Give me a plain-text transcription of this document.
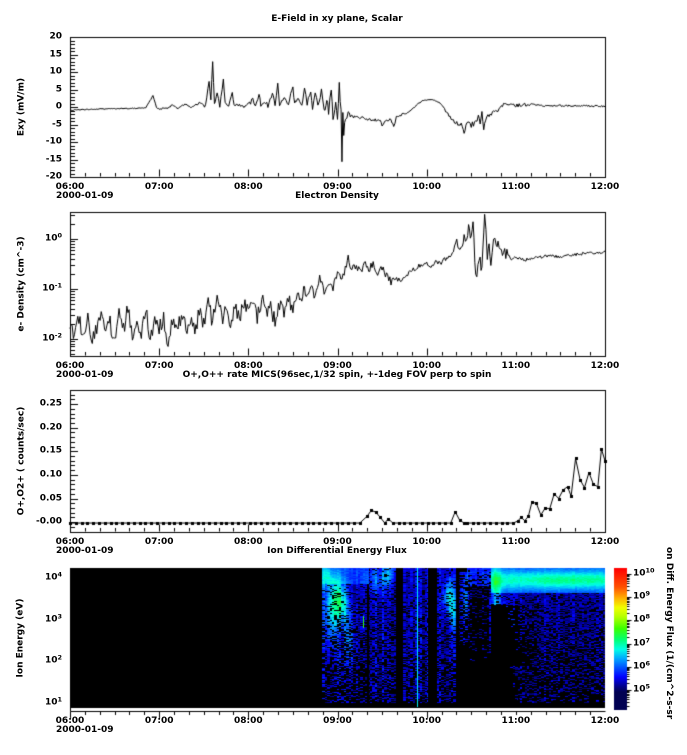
E-Field in xy plane, Scalar
Exy (mV/m)
-20
-15
-10
-5
0
5
10
15
20
06:00	07:00	08:00	09:00	10:00	11:00	12:00
2000-01-09	Electron Density
e- Density (cm^-3)	$10^0$
$10^{-1}$
$10^{-2}$
06:00	07:00	08:00	09:00	10:00	11:00	12:00
2000-01-09	O+,O++ rate MICS(96sec,1/32 spin, +-1deg FOV perp to spin
O+,O2+ ( counts/sec)
-0.00
0.05
0.10
0.15
0.20
0.25
06:00	07:00	08:00	09:00	10:00	11:00	12:00
2000-01-09	Ion Differential Energy Flux
Ion Energy (eV)
$10^4$
$10^3$
$10^2$
$10^1$
06:00	07:00	08:00	09:00	10:00	11:00	12:00
2000-01-09
$10^{10}$
$10^9$
$10^8$
$10^7$
$10^6$
$10^5$ on Diff. Energy Flux (1/(cm^2-s-sr
